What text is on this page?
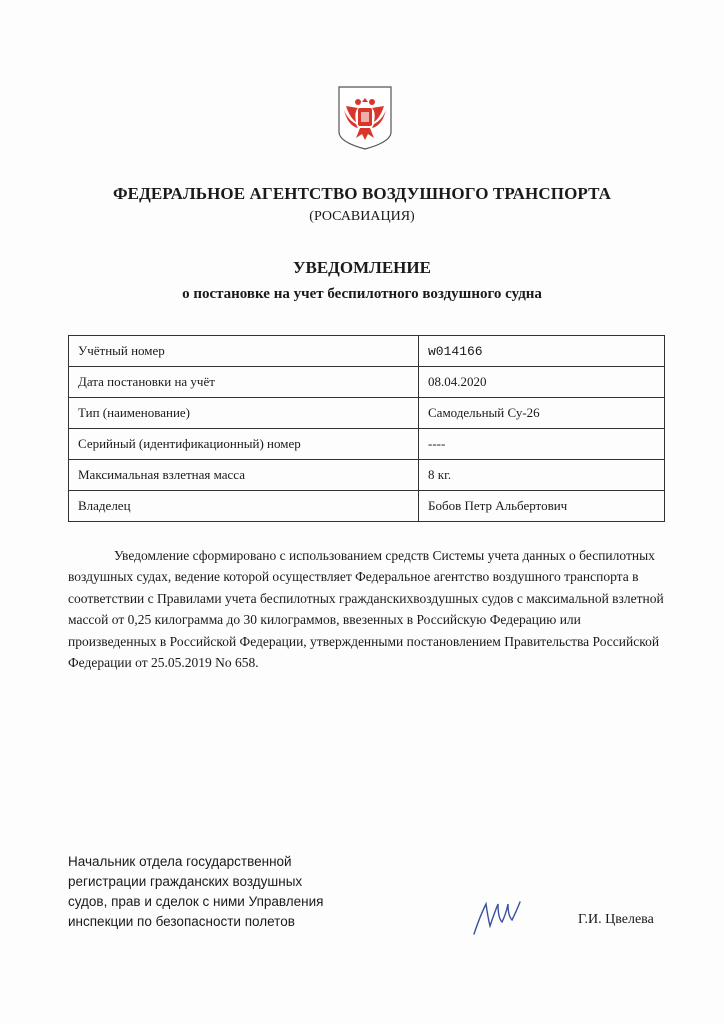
ФЕДЕРАЛЬНОЕ АГЕНТСТВО ВОЗДУШНОГО ТРАНСПОРТА
(РОСАВИАЦИЯ)
УВЕДОМЛЕНИЕ
о постановке на учет беспилотного воздушного судна
Учётный номер	w014166
Дата постановки на учёт	08.04.2020
Тип (наименование)	Самодельный Су-26
Серийный (идентификационный) номер	----
Максимальная взлетная масса	8 кг.
Владелец	Бобов Петр Альбертович
Уведомление сформировано с использованием средств Системы учета данных о беспилотных воздушных судах, ведение которой осуществляет Федеральное агентство воздушного транспорта в соответствии с Правилами учета беспилотных гражданскихвоздушных судов с максимальной взлетной массой от 0,25 килограмма до 30 килограммов, ввезенных в Российскую Федерацию или произведенных в Российской Федерации, утвержденными постановлением Правительства Российской Федерации от 25.05.2019 No 658.
Начальник отдела государственной
регистрации гражданских воздушных
судов, прав и сделок с ними Управления
инспекции по безопасности полетов	Г.И. Цвелева
